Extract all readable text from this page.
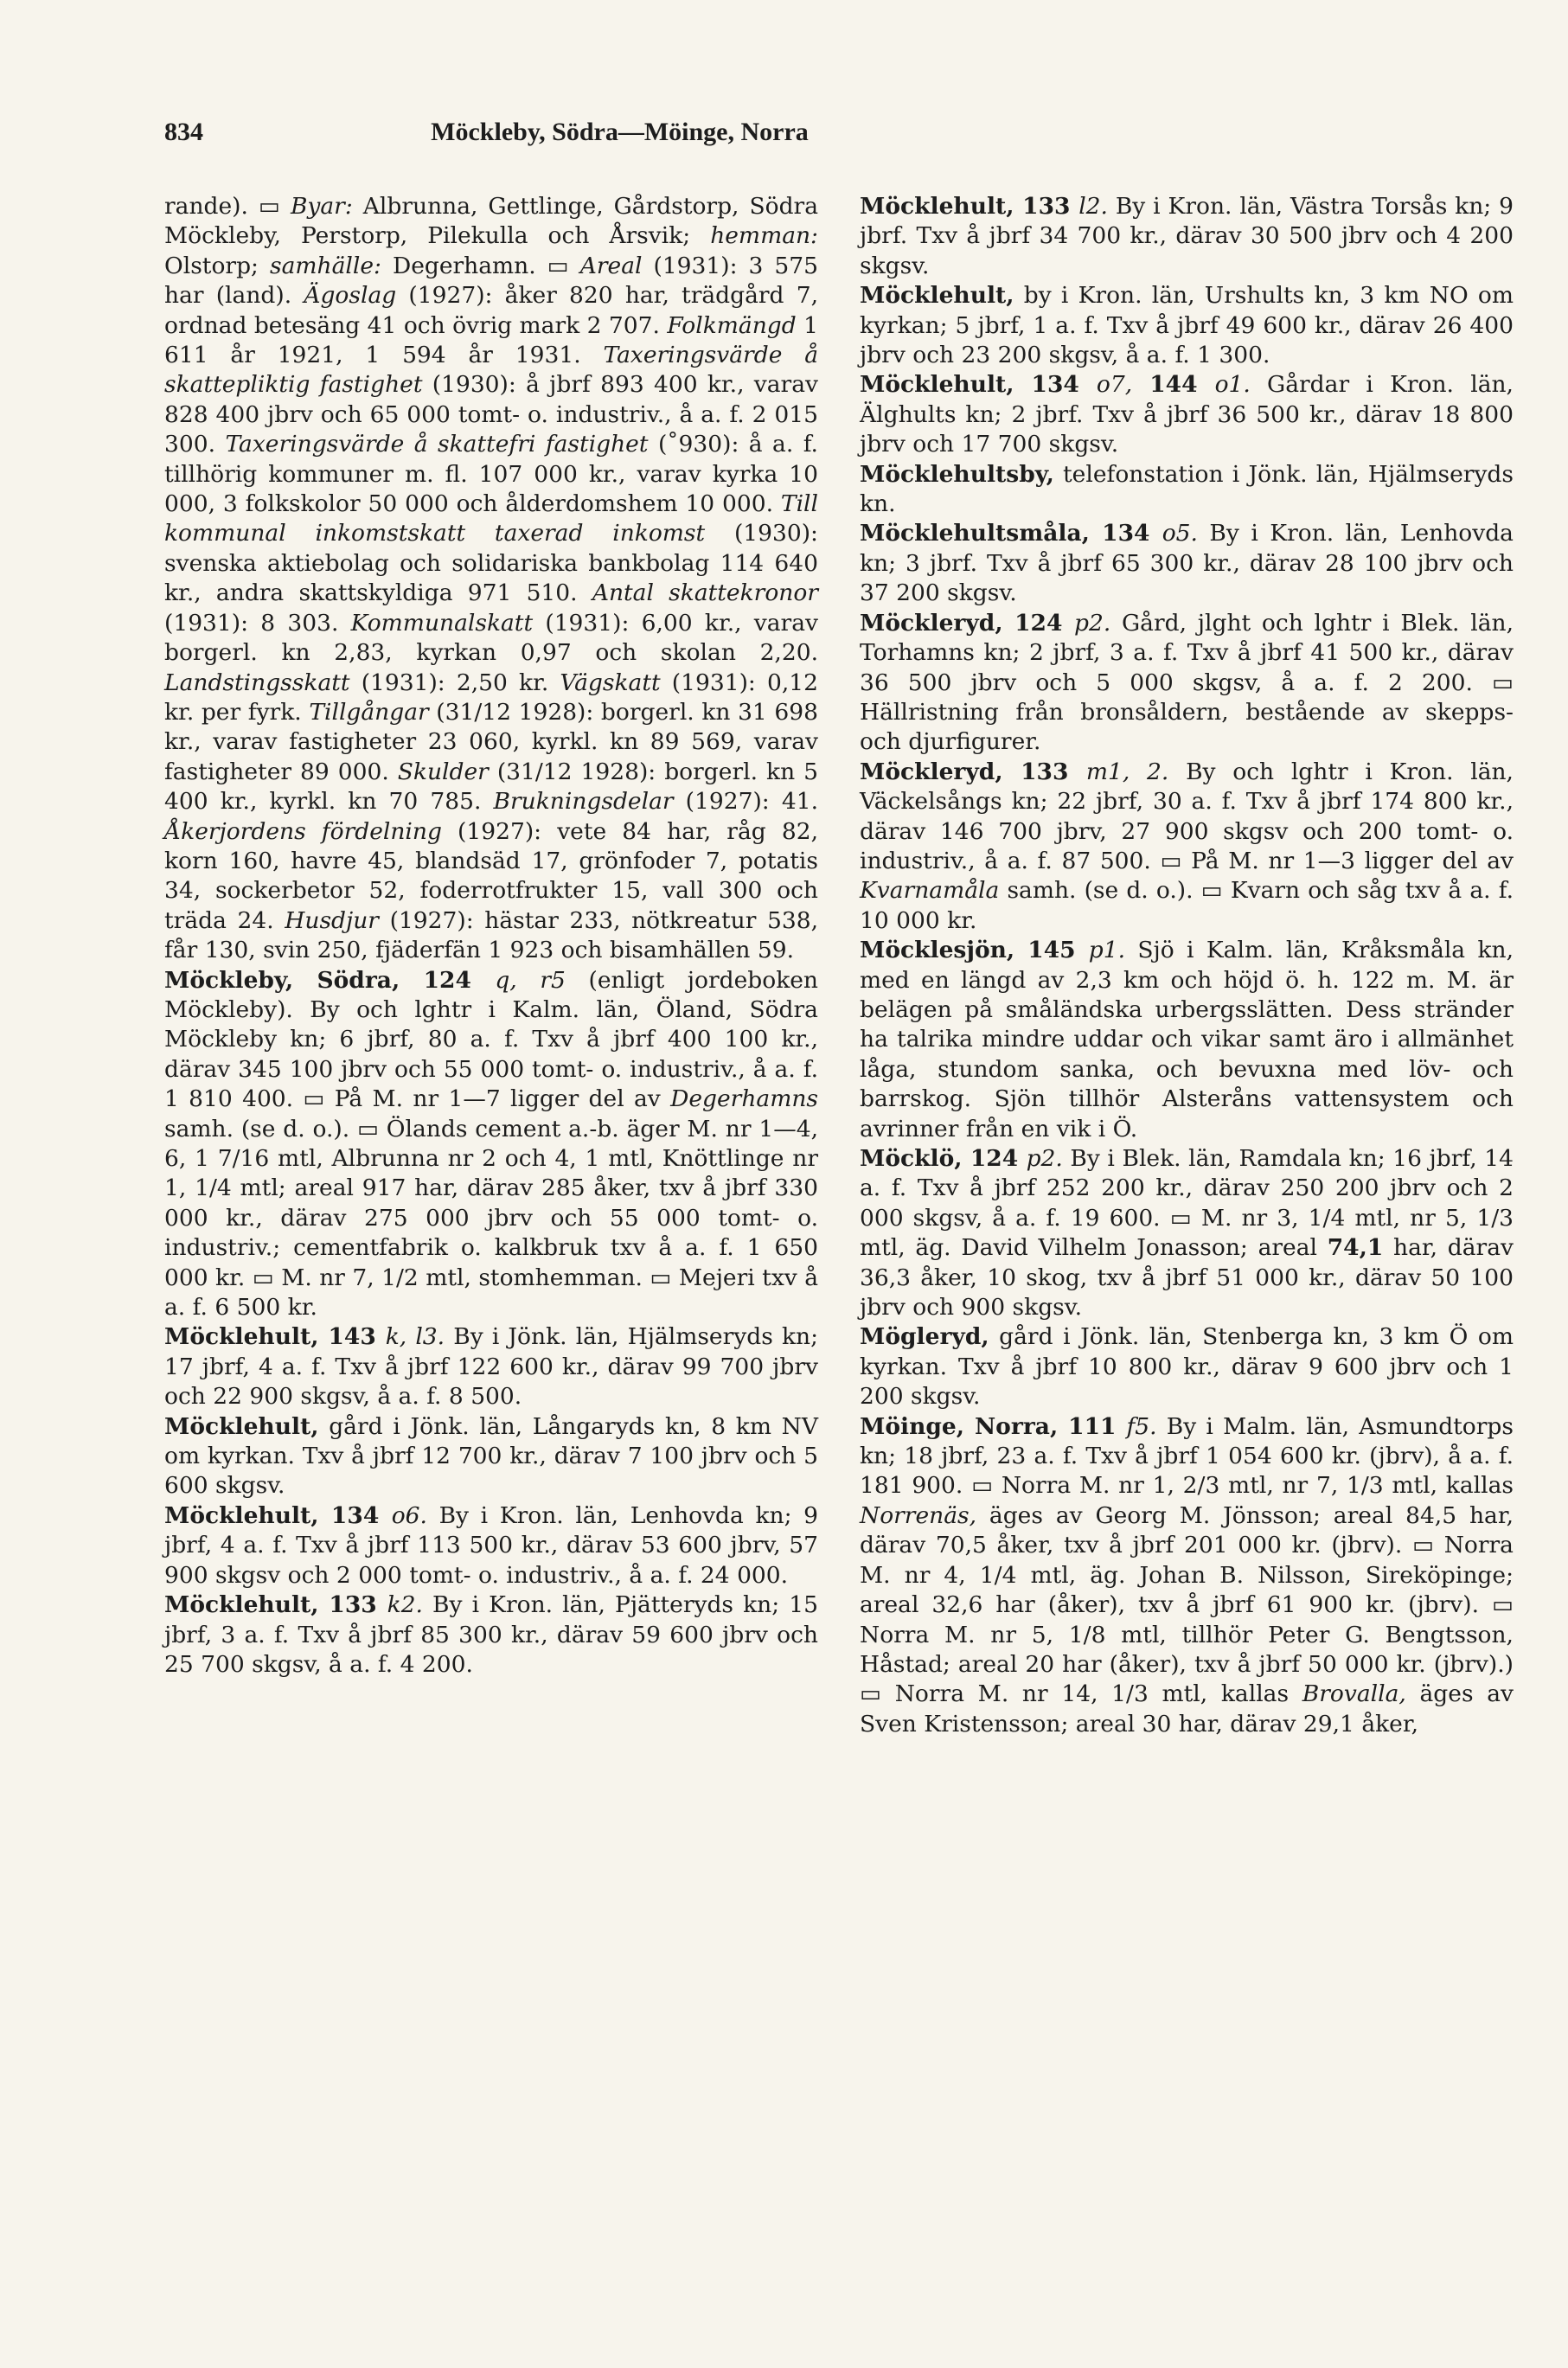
834	Möckleby, Södra—Möinge, Norra

rande). ▭ Byar: Albrunna, Gettlinge, Gårdstorp, Södra Möckleby, Perstorp, Pilekulla och Årsvik; hemman: Olstorp; samhälle: Degerhamn. ▭ Areal (1931): 3 575 har (land). Ägoslag (1927): åker 820 har, trädgård 7, ordnad betesäng 41 och övrig mark 2 707. Folkmängd 1 611 år 1921, 1 594 år 1931. Taxeringsvärde å skattepliktig fastighet (1930): å jbrf 893 400 kr., varav 828 400 jbrv och 65 000 tomt- o. industriv., å a. f. 2 015 300. Taxeringsvärde å skattefri fastighet (˚930): å a. f. tillhörig kommuner m. fl. 107 000 kr., varav kyrka 10 000, 3 folkskolor 50 000 och ålderdomshem 10 000. Till kommunal inkomstskatt taxerad inkomst (1930): svenska aktiebolag och solidariska bankbolag 114 640 kr., andra skattskyldiga 971 510. Antal skattekronor (1931): 8 303. Kommunalskatt (1931): 6,00 kr., varav borgerl. kn 2,83, kyrkan 0,97 och skolan 2,20. Landstingsskatt (1931): 2,50 kr. Vägskatt (1931): 0,12 kr. per fyrk. Tillgångar (31/12 1928): borgerl. kn 31 698 kr., varav fastigheter 23 060, kyrkl. kn 89 569, varav fastigheter 89 000. Skulder (31/12 1928): borgerl. kn 5 400 kr., kyrkl. kn 70 785. Brukningsdelar (1927): 41. Åkerjordens fördelning (1927): vete 84 har, råg 82, korn 160, havre 45, blandsäd 17, grönfoder 7, potatis 34, sockerbetor 52, foderrotfrukter 15, vall 300 och träda 24. Husdjur (1927): hästar 233, nötkreatur 538, får 130, svin 250, fjäderfän 1 923 och bisamhällen 59.

Möckleby, Södra, 124 q, r5 (enligt jordeboken Möckleby). By och lghtr i Kalm. län, Öland, Södra Möckleby kn; 6 jbrf, 80 a. f. Txv å jbrf 400 100 kr., därav 345 100 jbrv och 55 000 tomt- o. industriv., å a. f. 1 810 400. ▭ På M. nr 1—7 ligger del av Degerhamns samh. (se d. o.). ▭ Ölands cement a.-b. äger M. nr 1—4, 6, 1 7/16 mtl, Albrunna nr 2 och 4, 1 mtl, Knöttlinge nr 1, 1/4 mtl; areal 917 har, därav 285 åker, txv å jbrf 330 000 kr., därav 275 000 jbrv och 55 000 tomt- o. industriv.; cementfabrik o. kalkbruk txv å a. f. 1 650 000 kr. ▭ M. nr 7, 1/2 mtl, stomhemman. ▭ Mejeri txv å a. f. 6 500 kr.

Möcklehult, 143 k, l3. By i Jönk. län, Hjälmseryds kn; 17 jbrf, 4 a. f. Txv å jbrf 122 600 kr., därav 99 700 jbrv och 22 900 skgsv, å a. f. 8 500.

Möcklehult, gård i Jönk. län, Långaryds kn, 8 km NV om kyrkan. Txv å jbrf 12 700 kr., därav 7 100 jbrv och 5 600 skgsv.

Möcklehult, 134 o6. By i Kron. län, Lenhovda kn; 9 jbrf, 4 a. f. Txv å jbrf 113 500 kr., därav 53 600 jbrv, 57 900 skgsv och 2 000 tomt- o. industriv., å a. f. 24 000.

Möcklehult, 133 k2. By i Kron. län, Pjätteryds kn; 15 jbrf, 3 a. f. Txv å jbrf 85 300 kr., därav 59 600 jbrv och 25 700 skgsv, å a. f. 4 200.

Möcklehult, 133 l2. By i Kron. län, Västra Torsås kn; 9 jbrf. Txv å jbrf 34 700 kr., därav 30 500 jbrv och 4 200 skgsv.

Möcklehult, by i Kron. län, Urshults kn, 3 km NO om kyrkan; 5 jbrf, 1 a. f. Txv å jbrf 49 600 kr., därav 26 400 jbrv och 23 200 skgsv, å a. f. 1 300.

Möcklehult, 134 o7, 144 o1. Gårdar i Kron. län, Älghults kn; 2 jbrf. Txv å jbrf 36 500 kr., därav 18 800 jbrv och 17 700 skgsv.

Möcklehultsby, telefonstation i Jönk. län, Hjälmseryds kn.

Möcklehultsmåla, 134 o5. By i Kron. län, Lenhovda kn; 3 jbrf. Txv å jbrf 65 300 kr., därav 28 100 jbrv och 37 200 skgsv.

Möckleryd, 124 p2. Gård, jlght och lghtr i Blek. län, Torhamns kn; 2 jbrf, 3 a. f. Txv å jbrf 41 500 kr., därav 36 500 jbrv och 5 000 skgsv, å a. f. 2 200. ▭ Hällristning från bronsåldern, bestående av skepps- och djurfigurer.

Möckleryd, 133 m1, 2. By och lghtr i Kron. län, Väckelsångs kn; 22 jbrf, 30 a. f. Txv å jbrf 174 800 kr., därav 146 700 jbrv, 27 900 skgsv och 200 tomt- o. industriv., å a. f. 87 500. ▭ På M. nr 1—3 ligger del av Kvarnamåla samh. (se d. o.). ▭ Kvarn och såg txv å a. f. 10 000 kr.

Möcklesjön, 145 p1. Sjö i Kalm. län, Kråksmåla kn, med en längd av 2,3 km och höjd ö. h. 122 m. M. är belägen på småländska urbergsslätten. Dess stränder ha talrika mindre uddar och vikar samt äro i allmänhet låga, stundom sanka, och bevuxna med löv- och barrskog. Sjön tillhör Alsteråns vattensystem och avrinner från en vik i Ö.

Möcklö, 124 p2. By i Blek. län, Ramdala kn; 16 jbrf, 14 a. f. Txv å jbrf 252 200 kr., därav 250 200 jbrv och 2 000 skgsv, å a. f. 19 600. ▭ M. nr 3, 1/4 mtl, nr 5, 1/3 mtl, äg. David Vilhelm Jonasson; areal 74,1 har, därav 36,3 åker, 10 skog, txv å jbrf 51 000 kr., därav 50 100 jbrv och 900 skgsv.

Mögleryd, gård i Jönk. län, Stenberga kn, 3 km Ö om kyrkan. Txv å jbrf 10 800 kr., därav 9 600 jbrv och 1 200 skgsv.

Möinge, Norra, 111 f5. By i Malm. län, Asmundtorps kn; 18 jbrf, 23 a. f. Txv å jbrf 1 054 600 kr. (jbrv), å a. f. 181 900. ▭ Norra M. nr 1, 2/3 mtl, nr 7, 1/3 mtl, kallas Norrenäs, äges av Georg M. Jönsson; areal 84,5 har, därav 70,5 åker, txv å jbrf 201 000 kr. (jbrv). ▭ Norra M. nr 4, 1/4 mtl, äg. Johan B. Nilsson, Sireköpinge; areal 32,6 har (åker), txv å jbrf 61 900 kr. (jbrv). ▭ Norra M. nr 5, 1/8 mtl, tillhör Peter G. Bengtsson, Håstad; areal 20 har (åker), txv å jbrf 50 000 kr. (jbrv).) ▭ Norra M. nr 14, 1/3 mtl, kallas Brovalla, äges av Sven Kristensson; areal 30 har, därav 29,1 åker,
